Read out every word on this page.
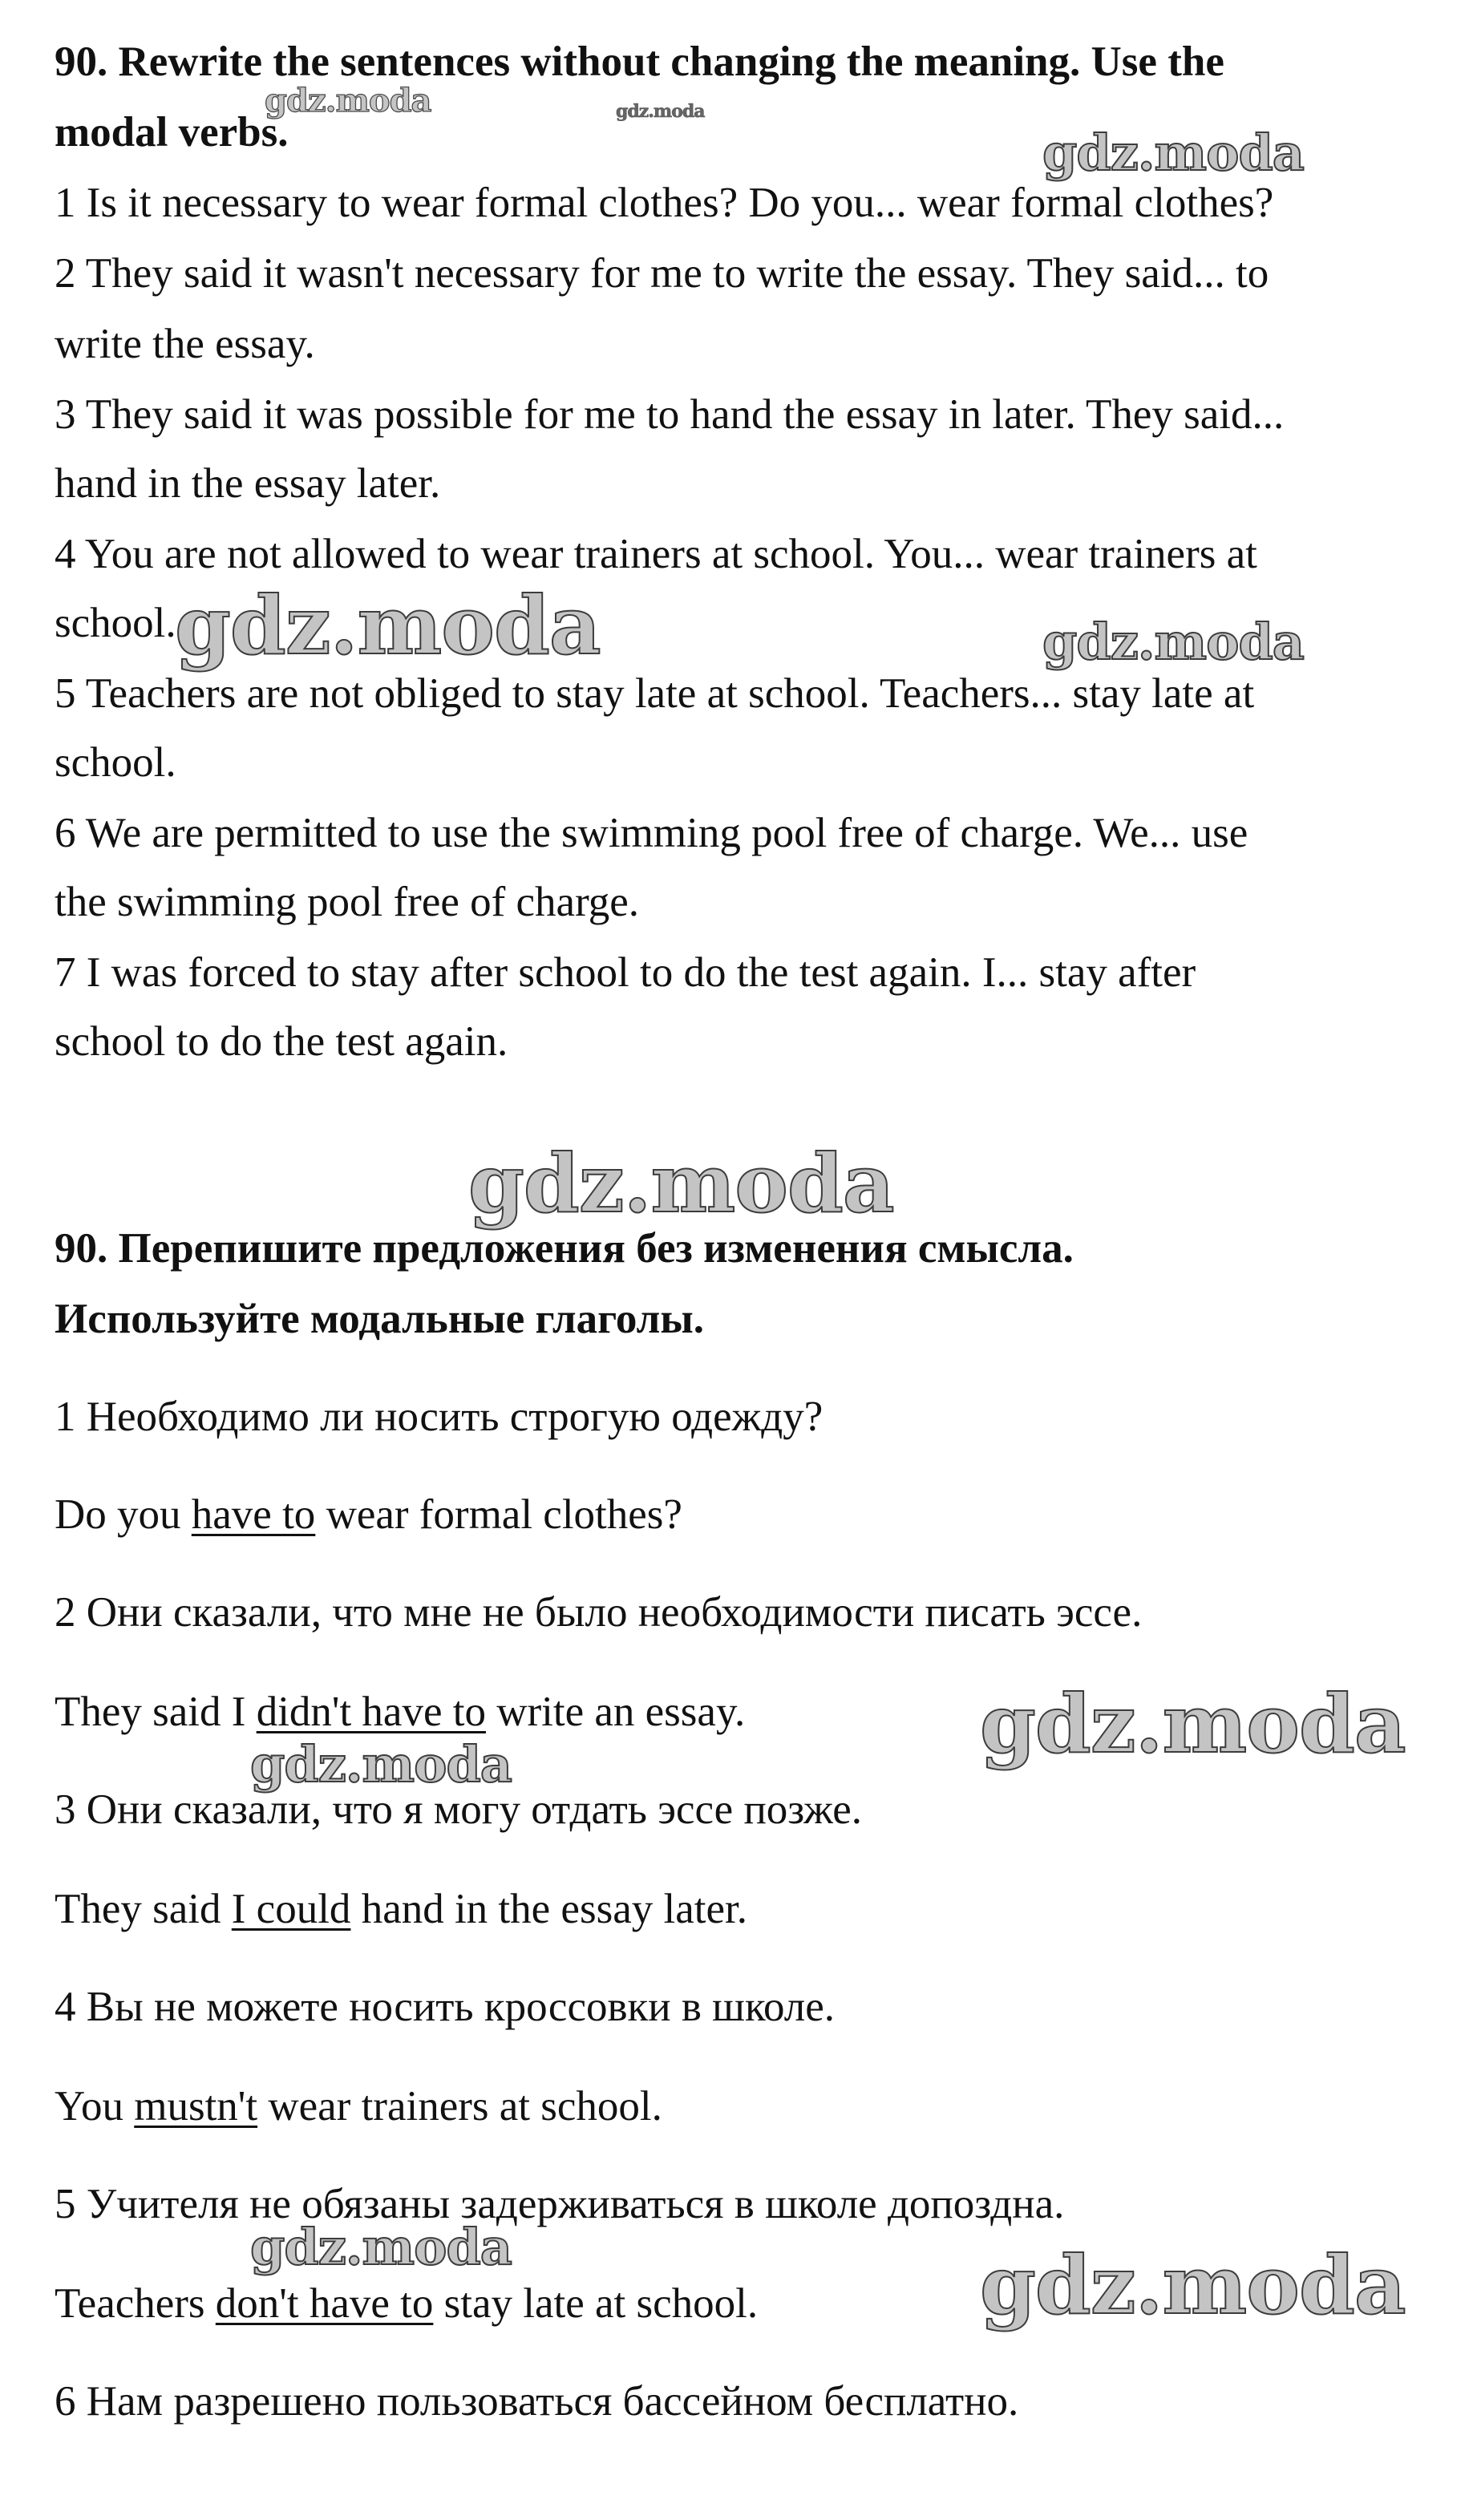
90. Rewrite the sentences without changing the meaning. Use the

modal verbs.

1 Is it necessary to wear formal clothes? Do you... wear formal clothes?

2 They said it wasn't necessary for me to write the essay. They said... to

write the essay.

3 They said it was possible for me to hand the essay in later. They said...

hand in the essay later.

4 You are not allowed to wear trainers at school. You... wear trainers at

school.

5 Teachers are not obliged to stay late at school. Teachers... stay late at

school.

6 We are permitted to use the swimming pool free of charge. We... use

the swimming pool free of charge.

7 I was forced to stay after school to do the test again. I... stay after

school to do the test again.

90. Перепишите предложения без изменения смысла.

Используйте модальные глаголы.

1 Необходимо ли носить строгую одежду?

Do you have to wear formal clothes?

2 Они сказали, что мне не было необходимости писать эссе.

They said I didn't have to write an essay.

3 Они сказали, что я могу отдать эссе позже.

They said I could hand in the essay later.

4 Вы не можете носить кроссовки в школе.

You mustn't wear trainers at school.

5 Учителя не обязаны задерживаться в школе допоздна.

Teachers don't have to stay late at school.

6 Нам разрешено пользоваться бассейном бесплатно.

gdz.moda	gdz.moda
gdz.moda
gdz.moda	gdz.moda
gdz.moda
gdz.moda
gdz.moda
gdz.moda	gdz.moda
